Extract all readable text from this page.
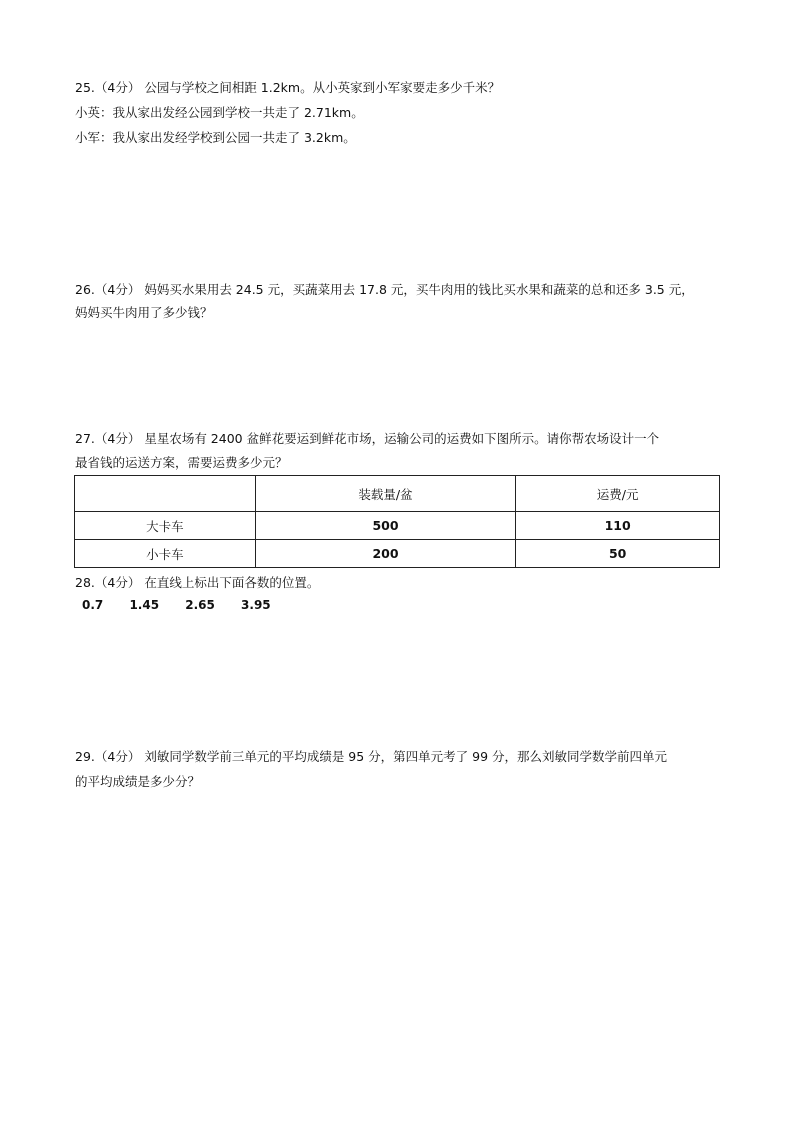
25.（4分） 公园与学校之间相距 1.2km。从小英家到小军家要走多少千米？
小英：我从家出发经公园到学校一共走了 2.71km。
小军：我从家出发经学校到公园一共走了 3.2km。
26.（4分） 妈妈买水果用去 24.5 元，买蔬菜用去 17.8 元，买牛肉用的钱比买水果和蔬菜的总和还多 3.5 元，
妈妈买牛肉用了多少钱？
27.（4分） 星星农场有 2400 盆鲜花要运到鲜花市场，运输公司的运费如下图所示。请你帮农场设计一个
最省钱的运送方案，需要运费多少元？
	装载量/盆	运费/元
大卡车	500	110
小卡车	200	50
28.（4分） 在直线上标出下面各数的位置。
0.7 1.45 2.65 3.95
29.（4分） 刘敏同学数学前三单元的平均成绩是 95 分，第四单元考了 99 分，那么刘敏同学数学前四单元
的平均成绩是多少分？
